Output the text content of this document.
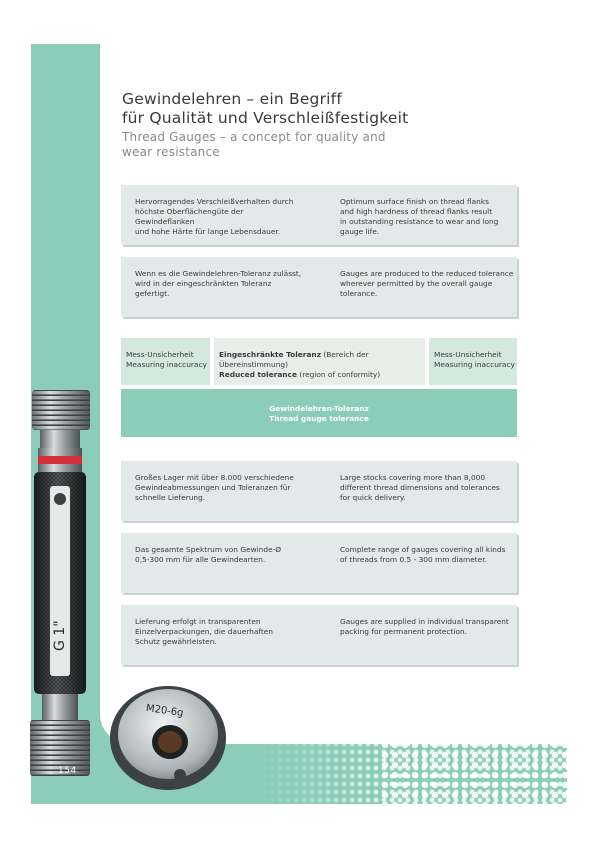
Gewindelehren – ein Begriff
für Qualität und Verschleißfestigkeit

Thread Gauges – a concept for quality and
wear resistance

Hervorragendes Verschleißverhalten durch
höchste Oberflächengüte der Gewindeflanken
und hohe Härte für lange Lebensdauer.
Optimum surface finish on thread flanks
and high hardness of thread flanks result
in outstanding resistance to wear and long
gauge life.
Wenn es die Gewindelehren-Toleranz zulässt,
wird in der eingeschränkten Toleranz gefertigt.
Gauges are produced to the reduced tolerance
wherever permitted by the overall gauge
tolerance.
Mess-Unsicherheit
Measuring inaccuracy
Eingeschränkte Toleranz (Bereich der Übereinstimmung)
Reduced tolerance (region of conformity)
Mess-Unsicherheit
Measuring inaccuracy
Gewindelehren-Toleranz
Thread gauge tolerance
Großes Lager mit über 8.000 verschiedene
Gewindeabmessungen und Toleranzen für
schnelle Lieferung.
Large stocks covering more than 8,000
different thread dimensions and tolerances
for quick delivery.
Das gesamte Spektrum von Gewinde-Ø
0,5-300 mm für alle Gewindearten.
Complete range of gauges covering all kinds
of threads from 0.5 - 300 mm diameter.
Lieferung erfolgt in transparenten
Einzelverpackungen, die dauerhaften
Schutz gewährleisten.
Gauges are supplied in individual transparent
packing for permanent protection.
G 1"
M20-6g
154
